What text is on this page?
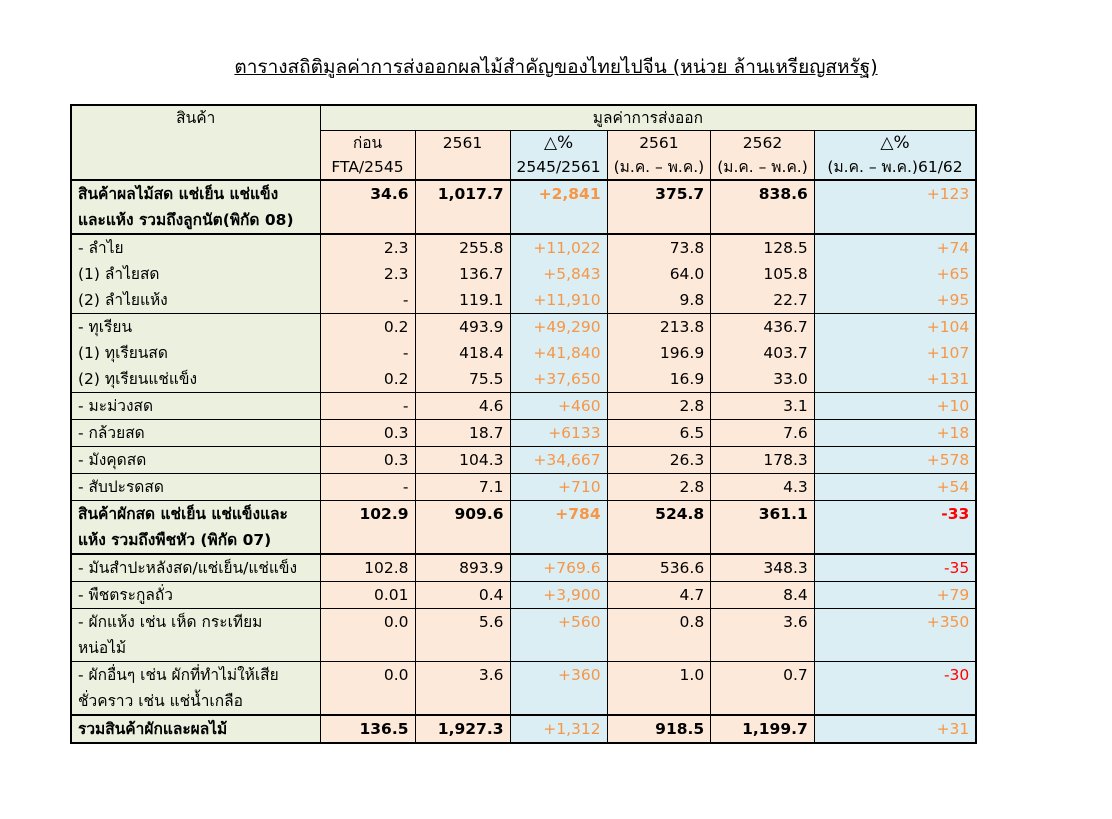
ตารางสถิติมูลค่าการส่งออกผลไม้สำคัญของไทยไปจีน (หน่วย ล้านเหรียญสหรัฐ)
สินค้า	มูลค่าการส่งออก					
	ก่อน	2561	△%	2561	2562	△%
	FTA/2545		2545/2561	(ม.ค. – พ.ค.)	(ม.ค. – พ.ค.)	(ม.ค. – พ.ค.)61/62
สินค้าผลไม้สด แช่เย็น แช่แข็ง	34.6	1,017.7	+2,841	375.7	838.6	+123
และแห้ง รวมถึงลูกนัต(พิกัด 08)						
- ลำไย	2.3	255.8	+11,022	73.8	128.5	+74
(1) ลำไยสด	2.3	136.7	+5,843	64.0	105.8	+65
(2) ลำไยแห้ง	-	119.1	+11,910	9.8	22.7	+95
- ทุเรียน	0.2	493.9	+49,290	213.8	436.7	+104
(1) ทุเรียนสด	-	418.4	+41,840	196.9	403.7	+107
(2) ทุเรียนแช่แข็ง	0.2	75.5	+37,650	16.9	33.0	+131
- มะม่วงสด	-	4.6	+460	2.8	3.1	+10
- กล้วยสด	0.3	18.7	+6133	6.5	7.6	+18
- มังคุดสด	0.3	104.3	+34,667	26.3	178.3	+578
- สับปะรดสด	-	7.1	+710	2.8	4.3	+54
สินค้าผักสด แช่เย็น แช่แข็งและ	102.9	909.6	+784	524.8	361.1	-33
แห้ง รวมถึงพืชหัว (พิกัด 07)						
- มันสำปะหลังสด/แช่เย็น/แช่แข็ง	102.8	893.9	+769.6	536.6	348.3	-35
- พืชตระกูลถั่ว	0.01	0.4	+3,900	4.7	8.4	+79
- ผักแห้ง เช่น เห็ด กระเทียม	0.0	5.6	+560	0.8	3.6	+350
หน่อไม้						
- ผักอื่นๆ เช่น ผักที่ทำไม่ให้เสีย	0.0	3.6	+360	1.0	0.7	-30
ชั่วคราว เช่น แช่น้ำเกลือ						
รวมสินค้าผักและผลไม้	136.5	1,927.3	+1,312	918.5	1,199.7	+31
